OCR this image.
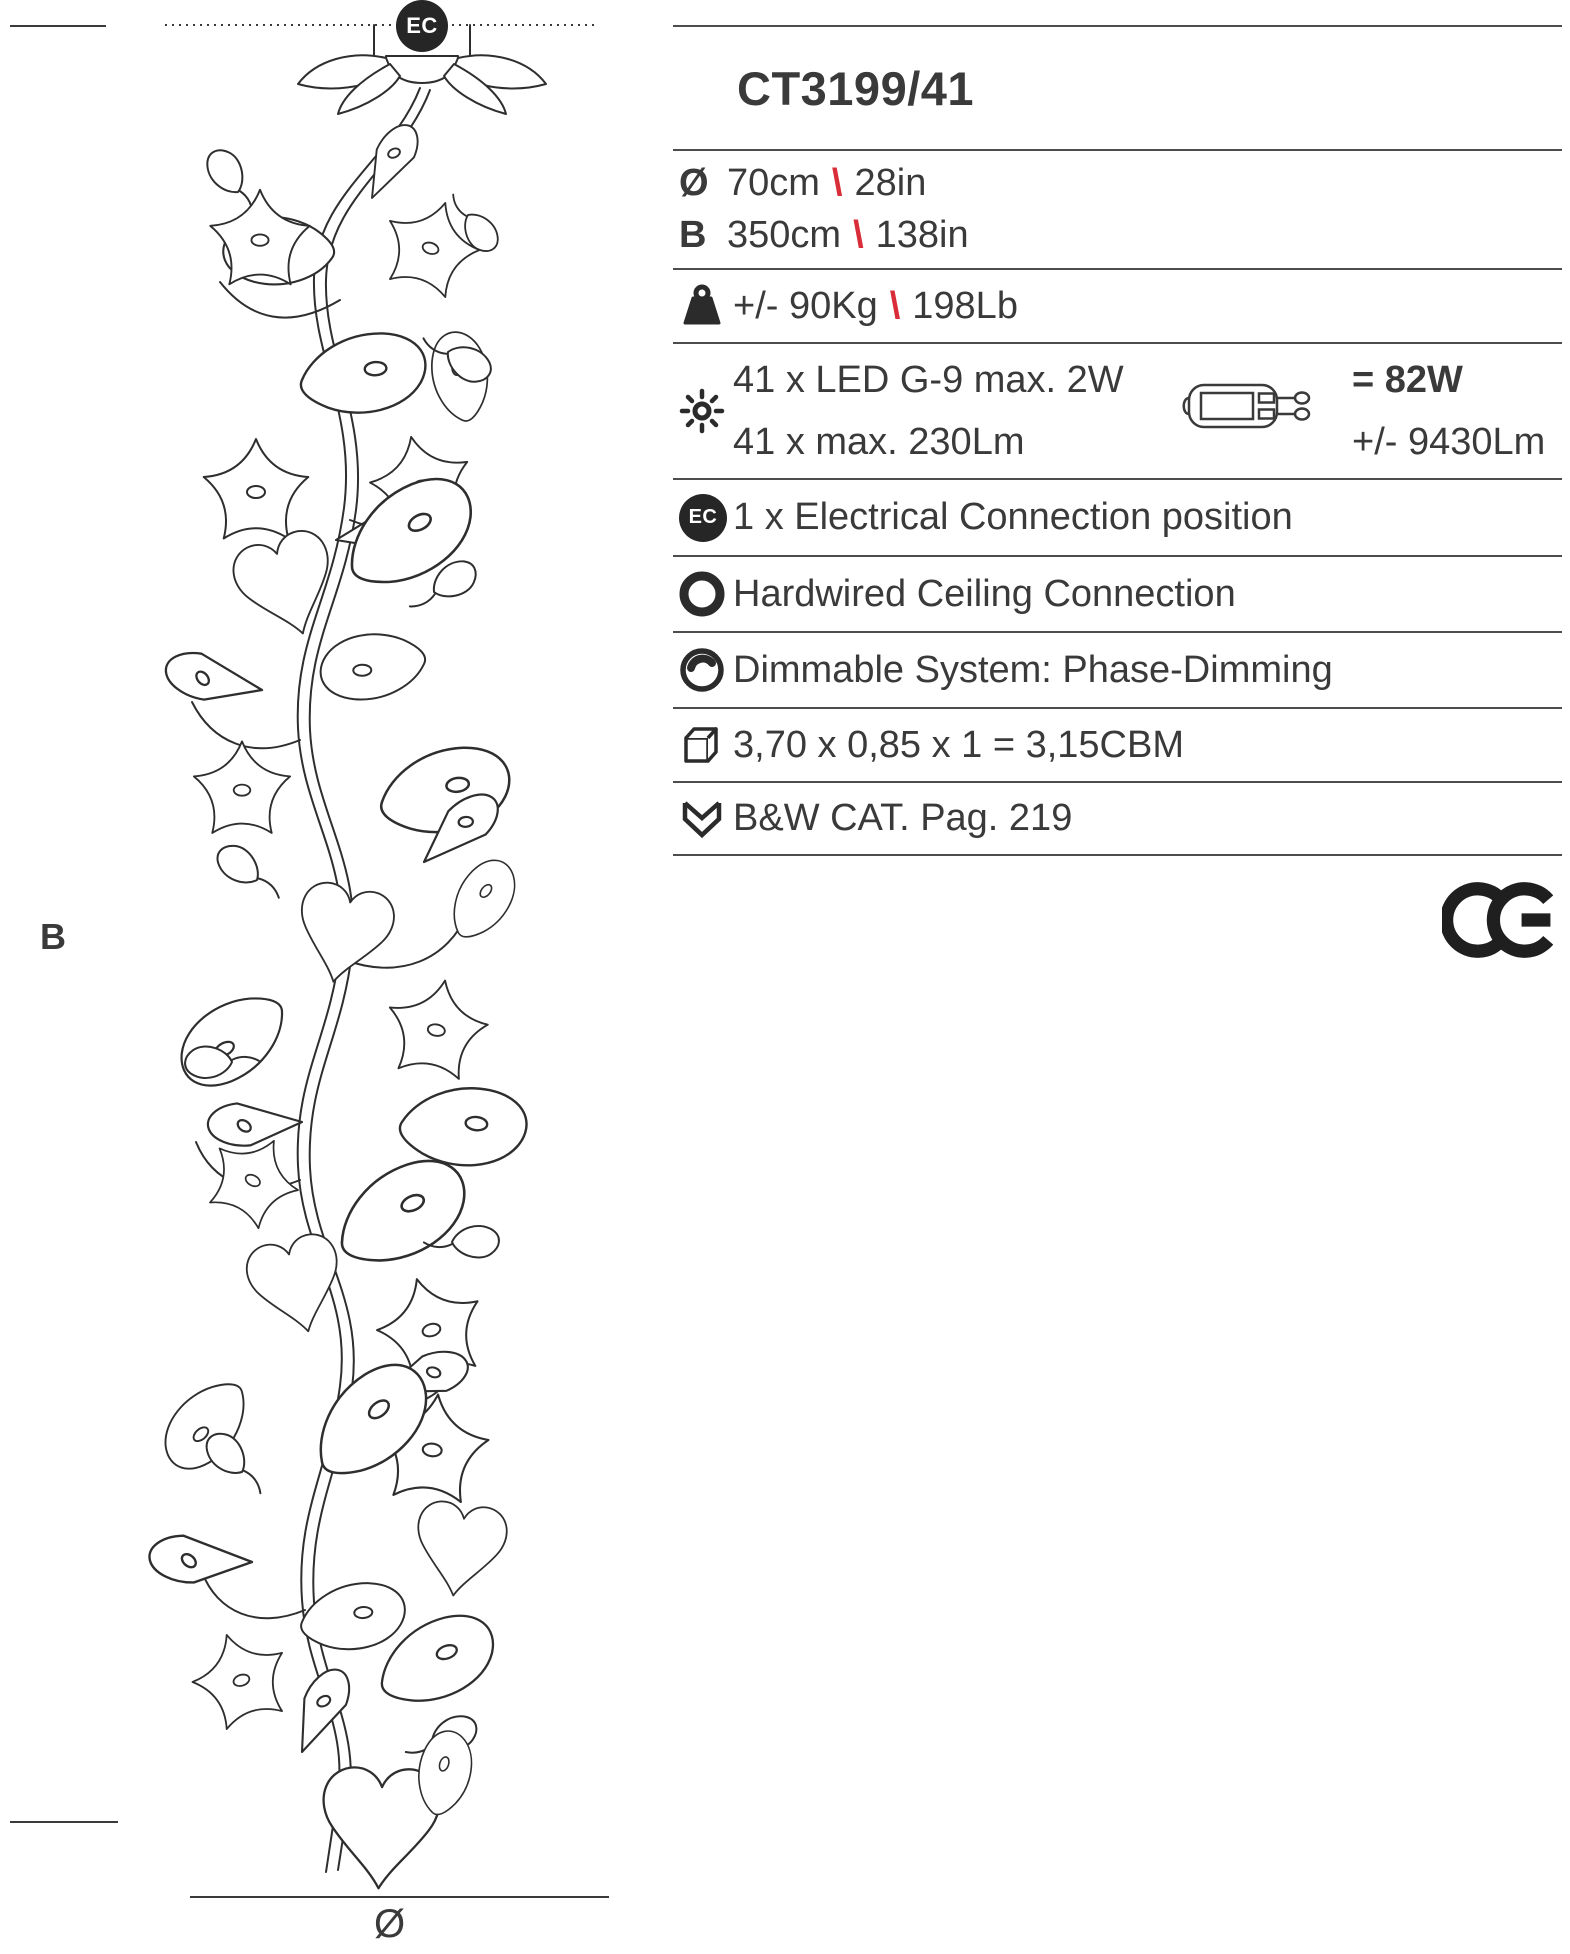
EC
B
Ø
CT3199/41
Ø 70cm \ 28in
B 350cm \ 138in
+/- 90Kg \ 198Lb
41 x LED G-9 max. 2W
41 x max. 230Lm
= 82W
+/- 9430Lm
EC 1 x Electrical Connection position
Hardwired Ceiling Connection
Dimmable System: Phase-Dimming
3,70 x 0,85 x 1 = 3,15CBM
B&W CAT. Pag. 219
